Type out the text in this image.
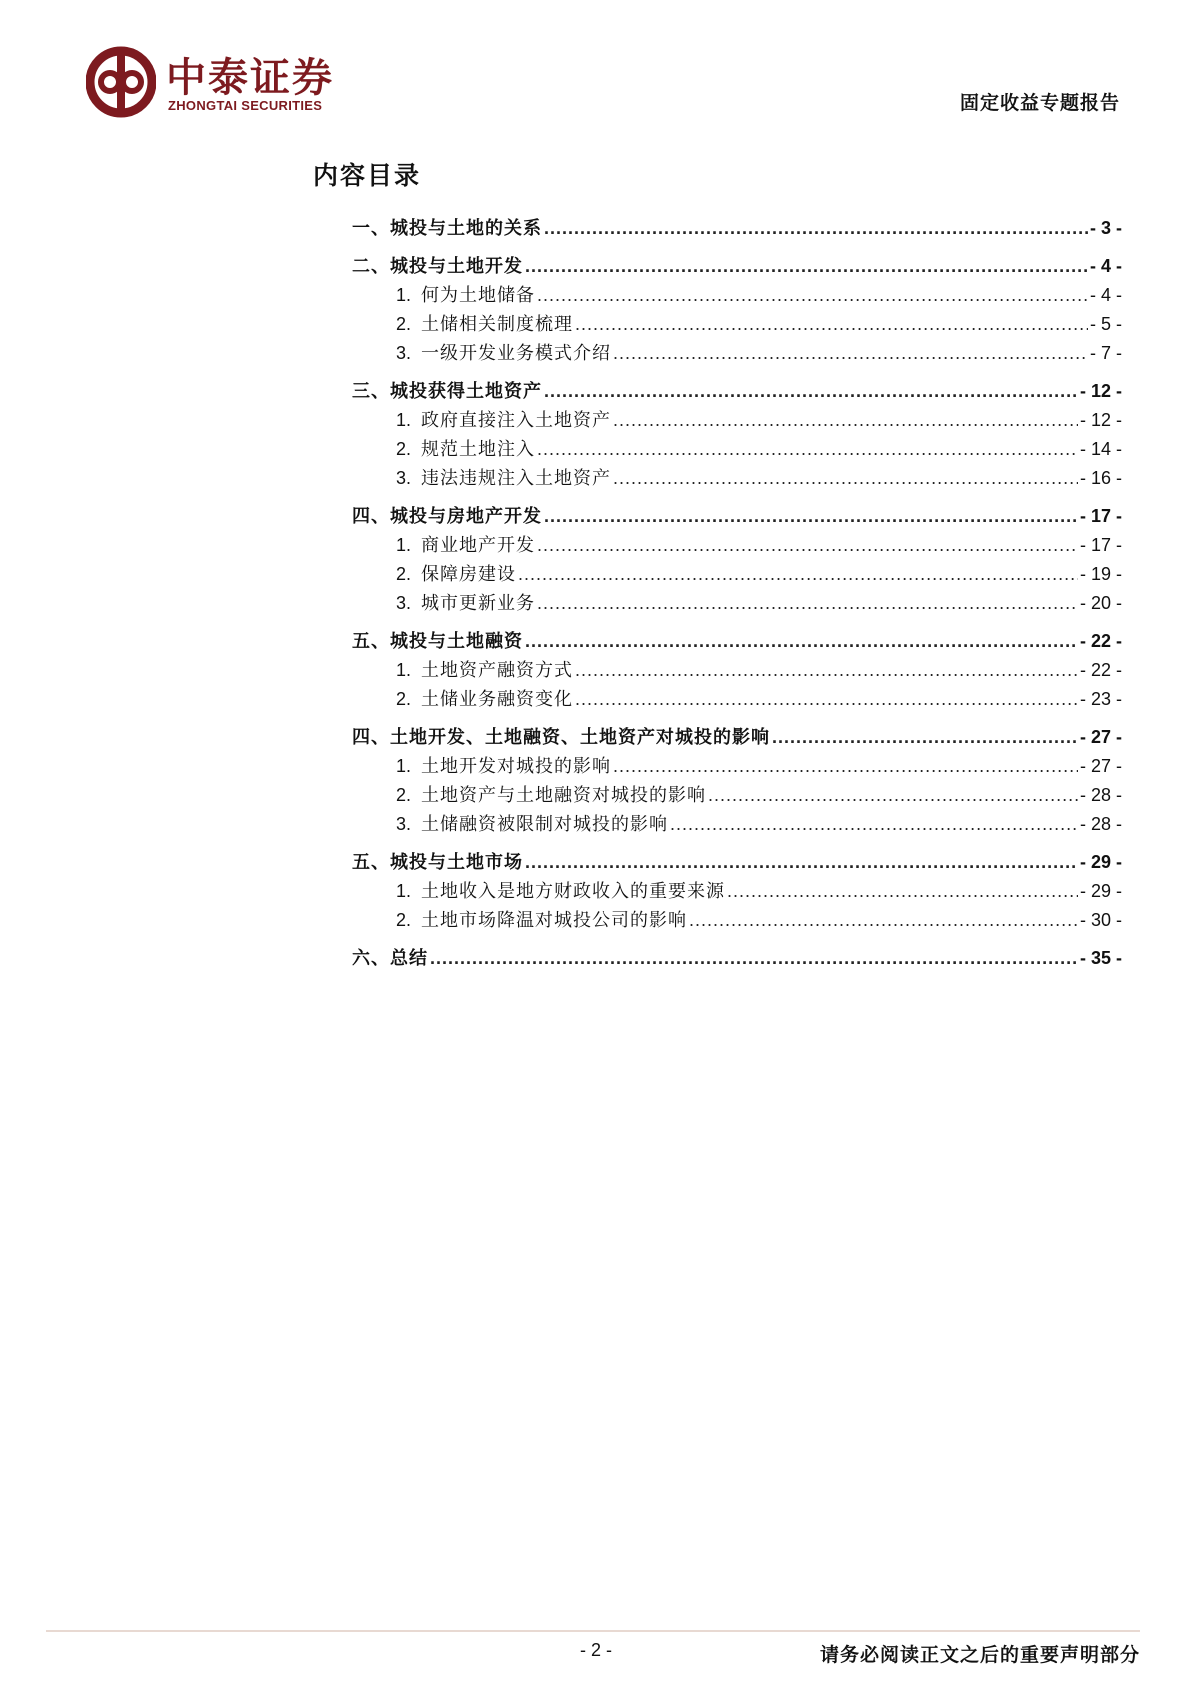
中泰证券
ZHONGTAI SECURITIES	固定收益专题报告
内容目录
一、城投与土地的关系 .....	- 3 -
二、城投与土地开发 .....	- 4 -
1. 何为土地储备 .....	- 4 -
2. 土储相关制度梳理 .....	- 5 -
3. 一级开发业务模式介绍 .....	- 7 -
三、城投获得土地资产 .....	- 12 -
1. 政府直接注入土地资产 .....	- 12 -
2. 规范土地注入 .....	- 14 -
3. 违法违规注入土地资产 .....	- 16 -
四、城投与房地产开发 .....	- 17 -
1. 商业地产开发 .....	- 17 -
2. 保障房建设 .....	- 19 -
3. 城市更新业务 .....	- 20 -
五、城投与土地融资 .....	- 22 -
1. 土地资产融资方式 .....	- 22 -
2. 土储业务融资变化 .....	- 23 -
四、土地开发、土地融资、土地资产对城投的影响 .....	- 27 -
1. 土地开发对城投的影响 .....	- 27 -
2. 土地资产与土地融资对城投的影响 .....	- 28 -
3. 土储融资被限制对城投的影响 .....	- 28 -
五、城投与土地市场 .....	- 29 -
1. 土地收入是地方财政收入的重要来源 .....	- 29 -
2. 土地市场降温对城投公司的影响 .....	- 30 -
六、总结 .....	- 35 -
- 2 -	请务必阅读正文之后的重要声明部分
